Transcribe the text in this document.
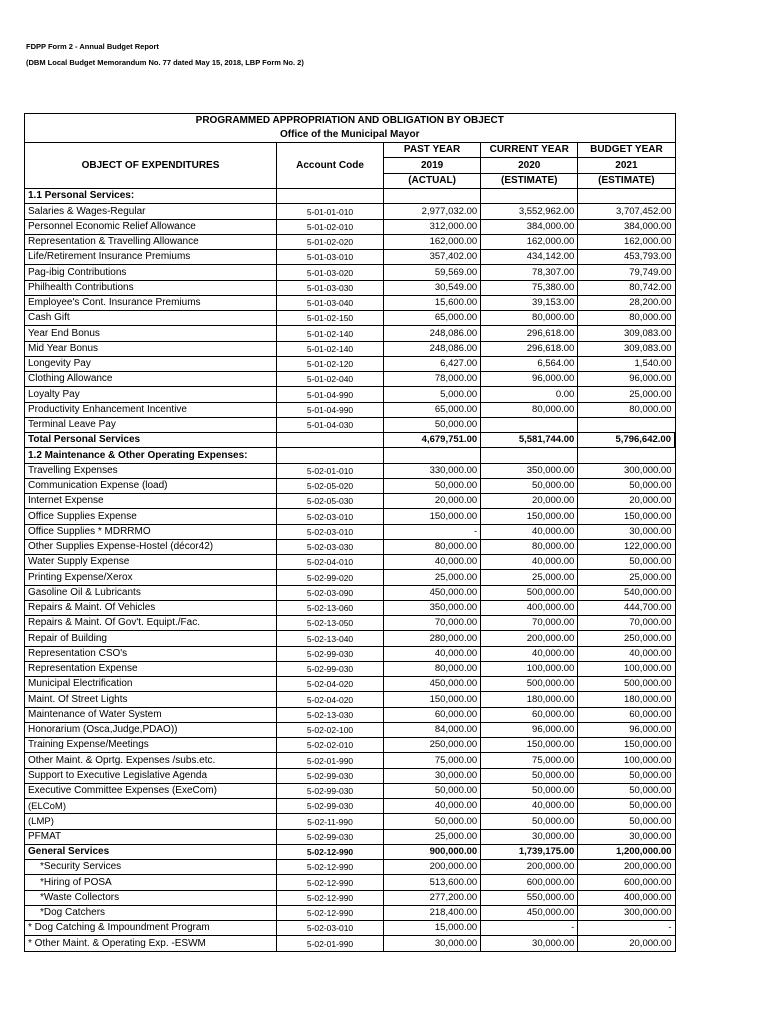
FDPP Form 2 - Annual Budget Report
(DBM Local Budget Memorandum No. 77 dated May 15, 2018, LBP Form No. 2)
PROGRAMMED APPROPRIATION AND OBLIGATION BY OBJECT				
Office of the Municipal Mayor				
OBJECT OF EXPENDITURES	Account Code	PAST YEAR	CURRENT YEAR	BUDGET YEAR
		2019	2020	2021
		(ACTUAL)	(ESTIMATE)	(ESTIMATE)
1.1 Personal Services:				
Salaries & Wages-Regular	5-01-01-010	2,977,032.00	3,552,962.00	3,707,452.00
Personnel Economic Relief Allowance	5-01-02-010	312,000.00	384,000.00	384,000.00
Representation & Travelling Allowance	5-01-02-020	162,000.00	162,000.00	162,000.00
Life/Retirement Insurance Premiums	5-01-03-010	357,402.00	434,142.00	453,793.00
Pag-ibig Contributions	5-01-03-020	59,569.00	78,307.00	79,749.00
Philhealth Contributions	5-01-03-030	30,549.00	75,380.00	80,742.00
Employee's Cont. Insurance Premiums	5-01-03-040	15,600.00	39,153.00	28,200.00
Cash Gift	5-01-02-150	65,000.00	80,000.00	80,000.00
Year End Bonus	5-01-02-140	248,086.00	296,618.00	309,083.00
Mid Year Bonus	5-01-02-140	248,086.00	296,618.00	309,083.00
Longevity Pay	5-01-02-120	6,427.00	6,564.00	1,540.00
Clothing Allowance	5-01-02-040	78,000.00	96,000.00	96,000.00
Loyalty Pay	5-01-04-990	5,000.00	0.00	25,000.00
Productivity Enhancement Incentive	5-01-04-990	65,000.00	80,000.00	80,000.00
Terminal Leave Pay	5-01-04-030	50,000.00		
Total Personal Services		4,679,751.00	5,581,744.00	5,796,642.00
1.2 Maintenance & Other Operating Expenses:				
Travelling Expenses	5-02-01-010	330,000.00	350,000.00	300,000.00
Communication Expense (load)	5-02-05-020	50,000.00	50,000.00	50,000.00
Internet Expense	5-02-05-030	20,000.00	20,000.00	20,000.00
Office Supplies Expense	5-02-03-010	150,000.00	150,000.00	150,000.00
Office Supplies * MDRRMO	5-02-03-010	-	40,000.00	30,000.00
Other Supplies Expense-Hostel (décor42)	5-02-03-030	80,000.00	80,000.00	122,000.00
Water Supply Expense	5-02-04-010	40,000.00	40,000.00	50,000.00
Printing Expense/Xerox	5-02-99-020	25,000.00	25,000.00	25,000.00
Gasoline Oil & Lubricants	5-02-03-090	450,000.00	500,000.00	540,000.00
Repairs & Maint. Of Vehicles	5-02-13-060	350,000.00	400,000.00	444,700.00
Repairs & Maint. Of Gov't. Equipt./Fac.	5-02-13-050	70,000.00	70,000.00	70,000.00
Repair of Building	5-02-13-040	280,000.00	200,000.00	250,000.00
Representation CSO's	5-02-99-030	40,000.00	40,000.00	40,000.00
Representation Expense	5-02-99-030	80,000.00	100,000.00	100,000.00
Municipal Electrification	5-02-04-020	450,000.00	500,000.00	500,000.00
Maint. Of Street Lights	5-02-04-020	150,000.00	180,000.00	180,000.00
Maintenance of Water System	5-02-13-030	60,000.00	60,000.00	60,000.00
Honorarium (Osca,Judge,PDAO))	5-02-02-100	84,000.00	96,000.00	96,000.00
Training Expense/Meetings	5-02-02-010	250,000.00	150,000.00	150,000.00
Other Maint. & Oprtg. Expenses /subs.etc.	5-02-01-990	75,000.00	75,000.00	100,000.00
Support to Executive Legislative Agenda	5-02-99-030	30,000.00	50,000.00	50,000.00
Executive Committee Expenses (ExeCom)	5-02-99-030	50,000.00	50,000.00	50,000.00
(ELCoM)	5-02-99-030	40,000.00	40,000.00	50,000.00
(LMP)	5-02-11-990	50,000.00	50,000.00	50,000.00
PFMAT	5-02-99-030	25,000.00	30,000.00	30,000.00
General Services	5-02-12-990	900,000.00	1,739,175.00	1,200,000.00
*Security Services	5-02-12-990	200,000.00	200,000.00	200,000.00
*Hiring of POSA	5-02-12-990	513,600.00	600,000.00	600,000.00
*Waste Collectors	5-02-12-990	277,200.00	550,000.00	400,000.00
*Dog Catchers	5-02-12-990	218,400.00	450,000.00	300,000.00
* Dog Catching & Impoundment Program	5-02-03-010	15,000.00	-	-
* Other Maint. & Operating Exp. -ESWM	5-02-01-990	30,000.00	30,000.00	20,000.00
